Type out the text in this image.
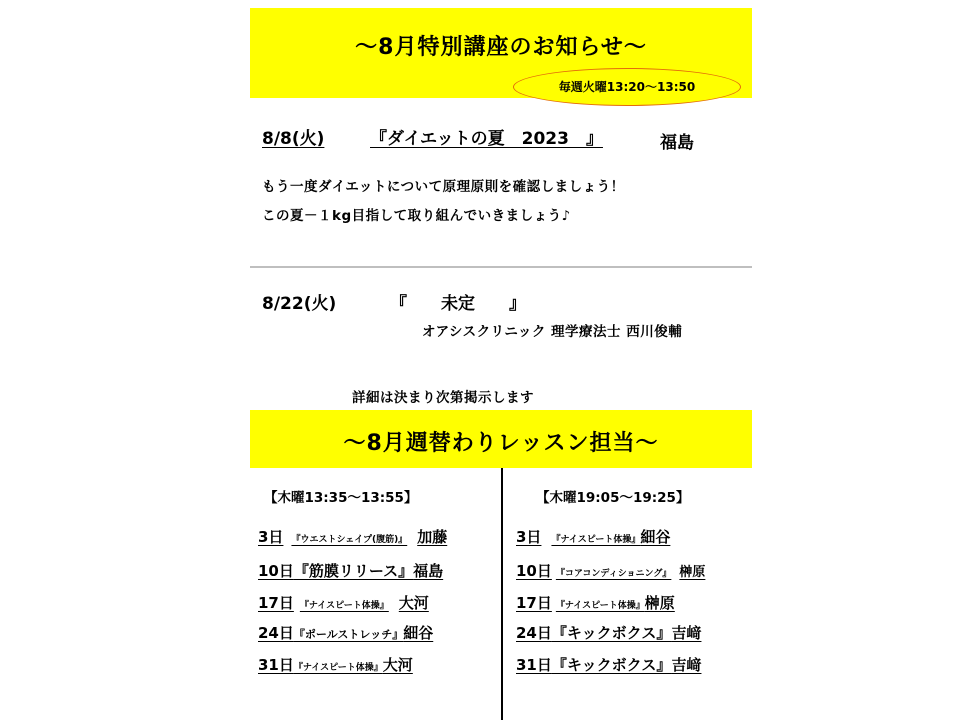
～8月特別講座のお知らせ～
毎週火曜13:20～13:50
8/8(火)	『ダイエットの夏　2023　』	福島
もう一度ダイエットについて原理原則を確認しましょう！
この夏－１kg目指して取り組んでいきましょう♪
8/22(火)	『　　未定　　』
オアシスクリニック 理学療法士 西川俊輔
詳細は決まり次第掲示します
～8月週替わりレッスン担当～
【木曜13:35～13:55】
3日 『ウエストシェイプ(腹筋)』 加藤
10日『筋膜リリース』福島
17日 『ナイスピート体操』 大河
24日『ポールストレッチ』細谷
31日『ナイスピート体操』大河
【木曜19:05～19:25】
3日 『ナイスピート体操』細谷
10日 『コアコンディショニング』 榊原
17日 『ナイスピート体操』榊原
24日『キックボクス』吉﨑
31日『キックボクス』吉﨑
